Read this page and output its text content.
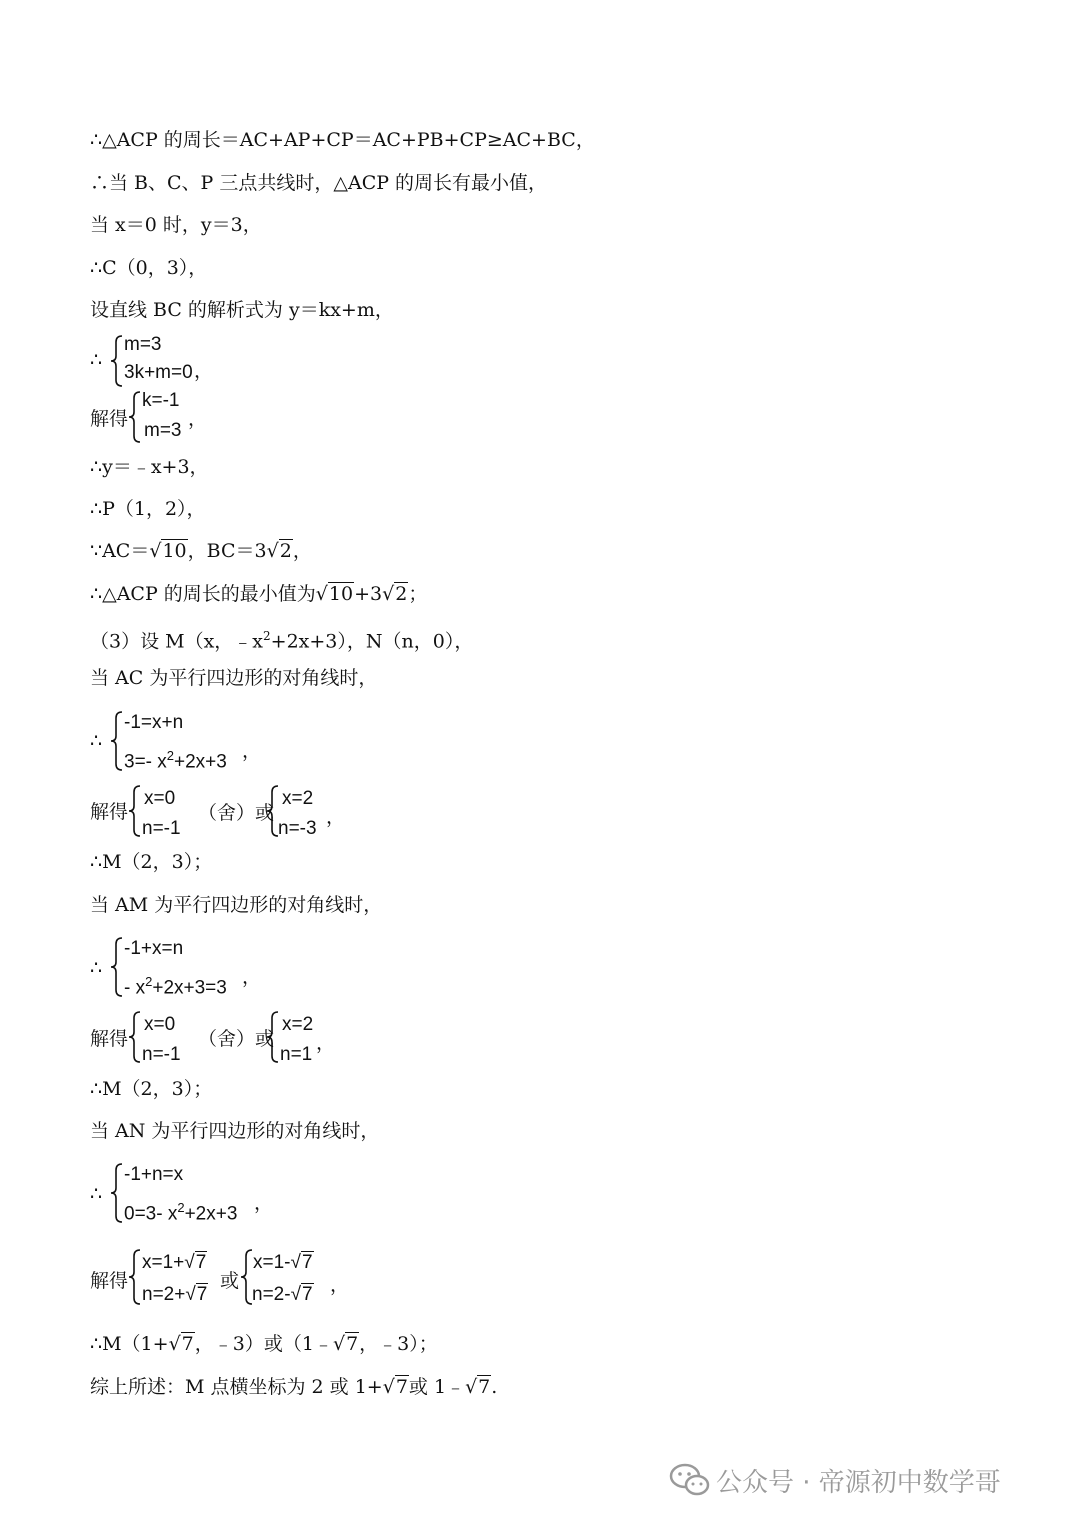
∴△ACP 的周长＝AC+AP+CP＝AC+PB+CP≥AC+BC，
∴当 B、C、P 三点共线时，△ACP 的周长有最小值，
当 x＝0 时，y＝3，
∴C（0，3），
设直线 BC 的解析式为 y＝kx+m，
∴
m=3
3k+m=0 ，
解得
k=-1
m=3
，
∴y＝﹣x+3，
∴P（1，2），
∵AC＝√10，BC＝3√2，
∴△ACP 的周长的最小值为√10+3√2；
（3）设 M（x，$﹣x^2+2x+3$），N（n，0），
当 AC 为平行四边形的对角线时，
∴
-1=x+n
3=- $x^2+2x+3$ ，
解得
x=0
n=-1
（舍）或
x=2
n=-3
，
∴M（2，3）；
当 AM 为平行四边形的对角线时，
∴
-1+x=n
- $x^2+2x+3=3$ ，
解得
x=0
n=-1
（舍）或
x=2
n=1
，
∴M（2，3）；
当 AN 为平行四边形的对角线时，
∴
-1+n=x
0=3- $x^2+2x+3$ ，
解得
x=1+√7
n=2+√7
或
x=1-√7
n=2-√7 ，
∴M（1+√7，﹣3）或（1﹣√7，﹣3）；
综上所述：M 点横坐标为 2 或 1+√7或 1﹣√7.
公众号 · 帝源初中数学哥
